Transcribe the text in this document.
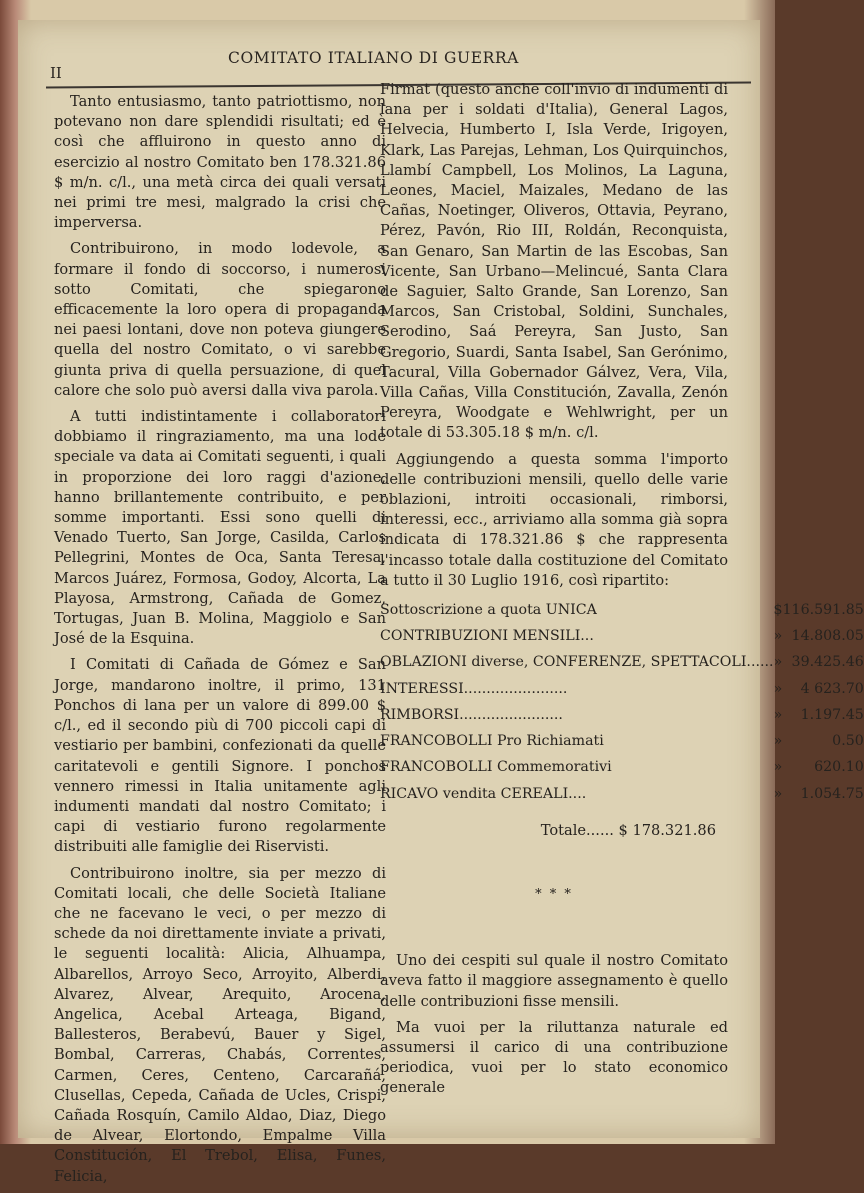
II
COMITATO ITALIANO DI GUERRA

Tanto entusiasmo, tanto patriottismo, non potevano non dare splendidi risultati; ed è così che affluirono in questo anno di esercizio al nostro Comitato ben 178.321.86 $ m/n. c/l., una metà circa dei quali versati nei primi tre mesi, malgrado la crisi che imperversa.

Contribuirono, in modo lodevole, a formare il fondo di soccorso, i numerosi sotto Comitati, che spiegarono efficacemente la loro opera di propaganda nei paesi lontani, dove non poteva giungere quella del nostro Comitato, o vi sarebbe giunta priva di quella persuazione, di quel calore che solo può aversi dalla viva parola.

A tutti indistintamente i collaboratori dobbiamo il ringraziamento, ma una lode speciale va data ai Comitati seguenti, i quali in proporzione dei loro raggi d'azione, hanno brillantemente contribuito, e per somme importanti. Essi sono quelli di Venado Tuerto, San Jorge, Casilda, Carlos Pellegrini, Montes de Oca, Santa Teresa, Marcos Juárez, Formosa, Godoy, Alcorta, La Playosa, Armstrong, Cañada de Gomez, Tortugas, Juan B. Molina, Maggiolo e San José de la Esquina.

I Comitati di Cañada de Gómez e San Jorge, mandarono inoltre, il primo, 131 Ponchos di lana per un valore di 899.00 $ c/l., ed il secondo più di 700 piccoli capi di vestiario per bambini, confezionati da quelle caritatevoli e gentili Signore. I ponchos vennero rimessi in Italia unitamente agli indumenti mandati dal nostro Comitato; i capi di vestiario furono regolarmente distribuiti alle famiglie dei Riservisti.

Contribuirono inoltre, sia per mezzo di Comitati locali, che delle Società Italiane che ne facevano le veci, o per mezzo di schede da noi direttamente inviate a privati, le seguenti località: Alicia, Alhuampa, Albarellos, Arroyo Seco, Arroyito, Alberdi, Alvarez, Alvear, Arequito, Arocena, Angelica, Acebal Arteaga, Bigand, Ballesteros, Berabevú, Bauer y Sigel, Bombal, Carreras, Chabás, Correntes, Carmen, Ceres, Centeno, Carcarañá, Clusellas, Cepeda, Cañada de Ucles, Crispi, Cañada Rosquín, Camilo Aldao, Diaz, Diego de Alvear, Elortondo, Empalme Villa Constitución, El Trebol, Elisa, Funes, Felicia,

Firmat (questo anche coll'invio di indumenti di lana per i soldati d'Italia), General Lagos, Helvecia, Humberto I, Isla Verde, Irigoyen, Klark, Las Parejas, Lehman, Los Quirquinchos, Llambí Campbell, Los Molinos, La Laguna, Leones, Maciel, Maizales, Medano de las Cañas, Noetinger, Oliveros, Ottavia, Peyrano, Pérez, Pavón, Rio III, Roldán, Reconquista, San Genaro, San Martin de las Escobas, San Vicente, San Urbano—Melincué, Santa Clara de Saguier, Salto Grande, San Lorenzo, San Marcos, San Cristobal, Soldini, Sunchales, Serodino, Saá Pereyra, San Justo, San Gregorio, Suardi, Santa Isabel, San Gerónimo, Tacural, Villa Gobernador Gálvez, Vera, Vila, Villa Cañas, Villa Constitución, Zavalla, Zenón Pereyra, Woodgate e Wehlwright, per un totale di 53.305.18 $ m/n. c/l.

Aggiungendo a questa somma l'importo delle contribuzioni mensili, quello delle varie oblazioni, introiti occasionali, rimborsi, interessi, ecc., arriviamo alla somma già sopra indicata di 178.321.86 $ che rappresenta l'incasso totale dalla costituzione del Comitato a tutto il 30 Luglio 1916, così ripartito:

Sottoscrizione a quota UNICA	$	116.591.85
CONTRIBUZIONI MENSILI...	»	14.808.05
OBLAZIONI diverse, CONFERENZE, SPETTACOLI......	»	39.425.46
INTERESSI.......................	»	4 623.70
RIMBORSI.......................	»	1.197.45
FRANCOBOLLI Pro Richiamati	»	0.50
FRANCOBOLLI Commemorativi	»	620.10
RICAVO vendita CEREALI....	»	1.054.75
Totale...... $ 178.321.86
* * *

Uno dei cespiti sul quale il nostro Comitato aveva fatto il maggiore assegnamento è quello delle contribuzioni fisse mensili.

Ma vuoi per la riluttanza naturale ed assumersi il carico di una contribuzione periodica, vuoi per lo stato economico generale
